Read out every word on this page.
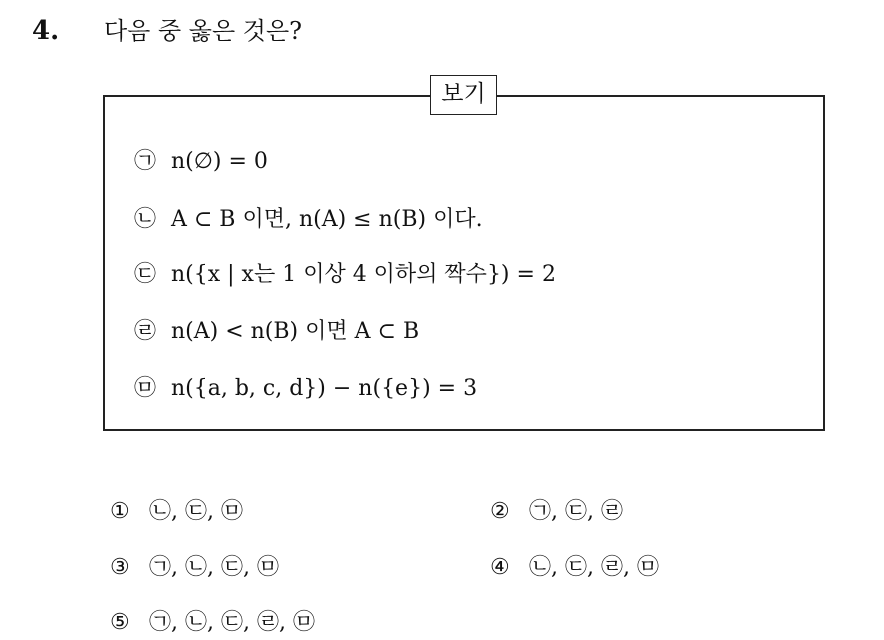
4. 다음 중 옳은 것은?
보기
㉠ n(∅) = 0
㉡ A ⊂ B 이면, n(A) ≤ n(B) 이다.
㉢ n({x | x는 1 이상 4 이하의 짝수}) = 2
㉣ n(A) < n(B) 이면 A ⊂ B
㉤ n({a, b, c, d}) − n({e}) = 3
① ㉡, ㉢, ㉤	② ㉠, ㉢, ㉣
③ ㉠, ㉡, ㉢, ㉤	④ ㉡, ㉢, ㉣, ㉤
⑤ ㉠, ㉡, ㉢, ㉣, ㉤
